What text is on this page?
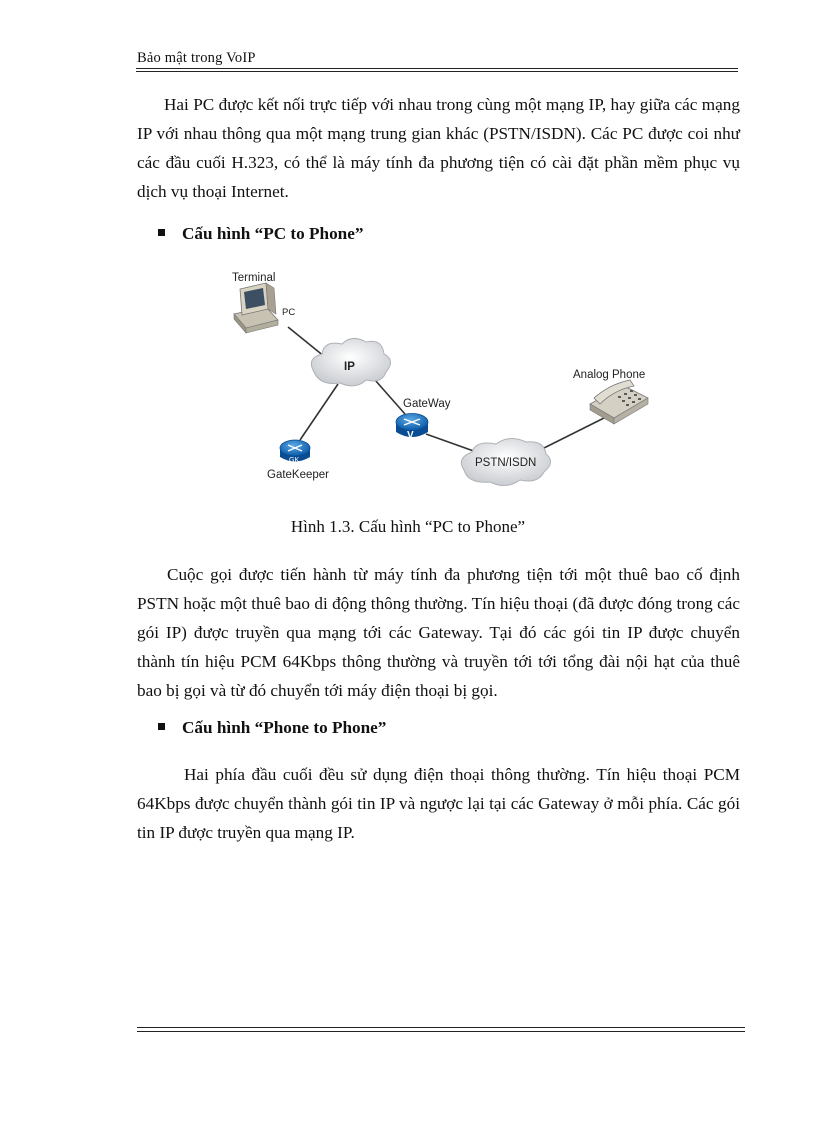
Bảo mật trong VoIP

Hai PC được kết nối trực tiếp với nhau trong cùng một mạng IP, hay giữa các mạng IP với nhau thông qua một mạng trung gian khác (PSTN/ISDN). Các PC được coi như các đầu cuối H.323, có thể là máy tính đa phương tiện có cài đặt phần mềm phục vụ dịch vụ thoại Internet.

Cấu hình “PC to Phone”
Terminal
PC
IP
GK
GateKeeper
V
GateWay
PSTN/ISDN
Analog Phone
Hình 1.3. Cấu hình “PC to Phone”

Cuộc gọi được tiến hành từ máy tính đa phương tiện tới một thuê bao cố định PSTN hoặc một thuê bao di động thông thường. Tín hiệu thoại (đã được đóng trong các gói IP) được truyền qua mạng tới các Gateway. Tại đó các gói tin IP được chuyển thành tín hiệu PCM 64Kbps thông thường và truyền tới tới tổng đài nội hạt của thuê bao bị gọi và từ đó chuyển tới máy điện thoại bị gọi.

Cấu hình “Phone to Phone”

Hai phía đầu cuối đều sử dụng điện thoại thông thường. Tín hiệu thoại PCM 64Kbps được chuyển thành gói tin IP và ngược lại tại các Gateway ở mỗi phía. Các gói tin IP được truyền qua mạng IP.
